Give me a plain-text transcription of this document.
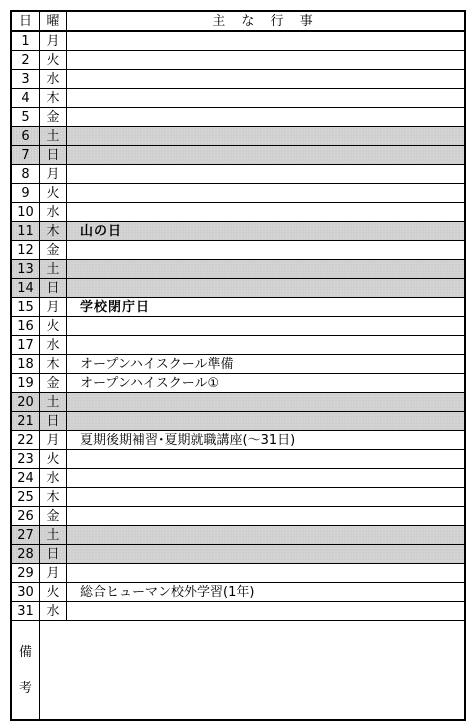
日	曜	主 な 行 事
1	月	
2	火	
3	水	
4	木	
5	金	
6	土	
7	日	
8	月	
9	火	
10	水	
11	木	山の日
12	金	
13	土	
14	日	
15	月	学校閉庁日
16	火	
17	水	
18	木	オープンハイスクール準備
19	金	オープンハイスクール①
20	土	
21	日	
22	月	夏期後期補習･夏期就職講座(～31日)
23	火	
24	水	
25	木	
26	金	
27	土	
28	日	
29	月	
30	火	総合ヒューマン校外学習(1年)
31	水	

備
考		
